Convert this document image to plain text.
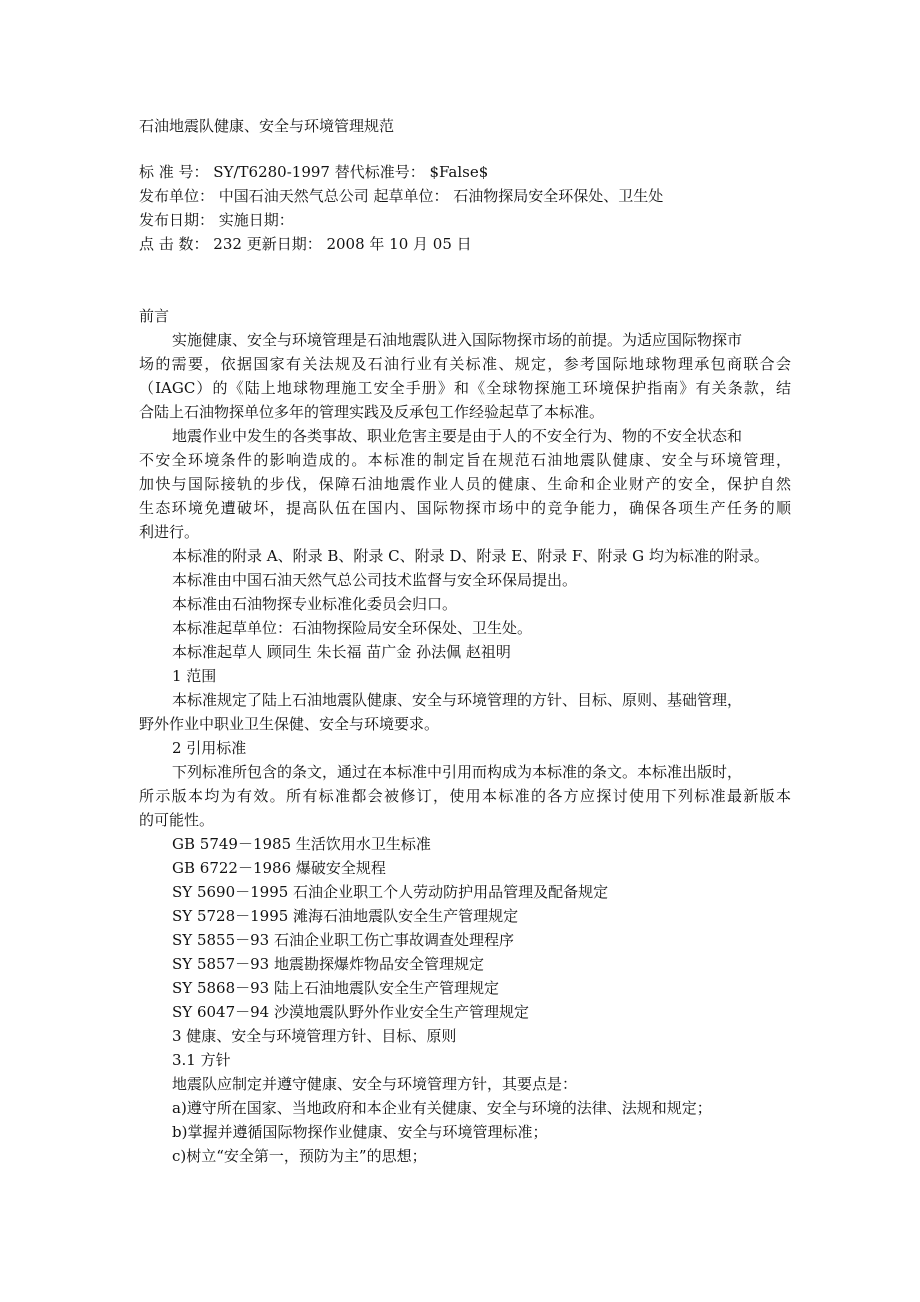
石油地震队健康、安全与环境管理规范
标 准 号： SY/T6280-1997 替代标准号： $False$
发布单位： 中国石油天然气总公司 起草单位： 石油物探局安全环保处、卫生处
发布日期： 实施日期：
点 击 数： 232 更新日期： 2008 年 10 月 05 日
前言
实施健康、安全与环境管理是石油地震队进入国际物探市场的前提。为适应国际物探市
场的需要，依据国家有关法规及石油行业有关标准、规定，参考国际地球物理承包商联合会
（IAGC）的《陆上地球物理施工安全手册》和《全球物探施工环境保护指南》有关条款，结
合陆上石油物探单位多年的管理实践及反承包工作经验起草了本标准。
地震作业中发生的各类事故、职业危害主要是由于人的不安全行为、物的不安全状态和
不安全环境条件的影响造成的。本标准的制定旨在规范石油地震队健康、安全与环境管理，
加快与国际接轨的步伐，保障石油地震作业人员的健康、生命和企业财产的安全，保护自然
生态环境免遭破坏，提高队伍在国内、国际物探市场中的竞争能力，确保各项生产任务的顺
利进行。
本标准的附录 A、附录 B、附录 C、附录 D、附录 E、附录 F、附录 G 均为标准的附录。
本标准由中国石油天然气总公司技术监督与安全环保局提出。
本标准由石油物探专业标准化委员会归口。
本标准起草单位：石油物探险局安全环保处、卫生处。
本标准起草人 顾同生 朱长福 苗广金 孙法佩 赵祖明
1 范围
本标准规定了陆上石油地震队健康、安全与环境管理的方针、目标、原则、基础管理，
野外作业中职业卫生保健、安全与环境要求。
2 引用标准
下列标准所包含的条文，通过在本标准中引用而构成为本标准的条文。本标准出版时，
所示版本均为有效。所有标准都会被修订，使用本标准的各方应探讨使用下列标准最新版本
的可能性。
GB 5749－1985 生活饮用水卫生标准
GB 6722－1986 爆破安全规程
SY 5690－1995 石油企业职工个人劳动防护用品管理及配备规定
SY 5728－1995 滩海石油地震队安全生产管理规定
SY 5855－93 石油企业职工伤亡事故调查处理程序
SY 5857－93 地震勘探爆炸物品安全管理规定
SY 5868－93 陆上石油地震队安全生产管理规定
SY 6047－94 沙漠地震队野外作业安全生产管理规定
3 健康、安全与环境管理方针、目标、原则
3.1 方针
地震队应制定并遵守健康、安全与环境管理方针，其要点是：
a)遵守所在国家、当地政府和本企业有关健康、安全与环境的法律、法规和规定；
b)掌握并遵循国际物探作业健康、安全与环境管理标准；
c)树立“安全第一，预防为主”的思想；
